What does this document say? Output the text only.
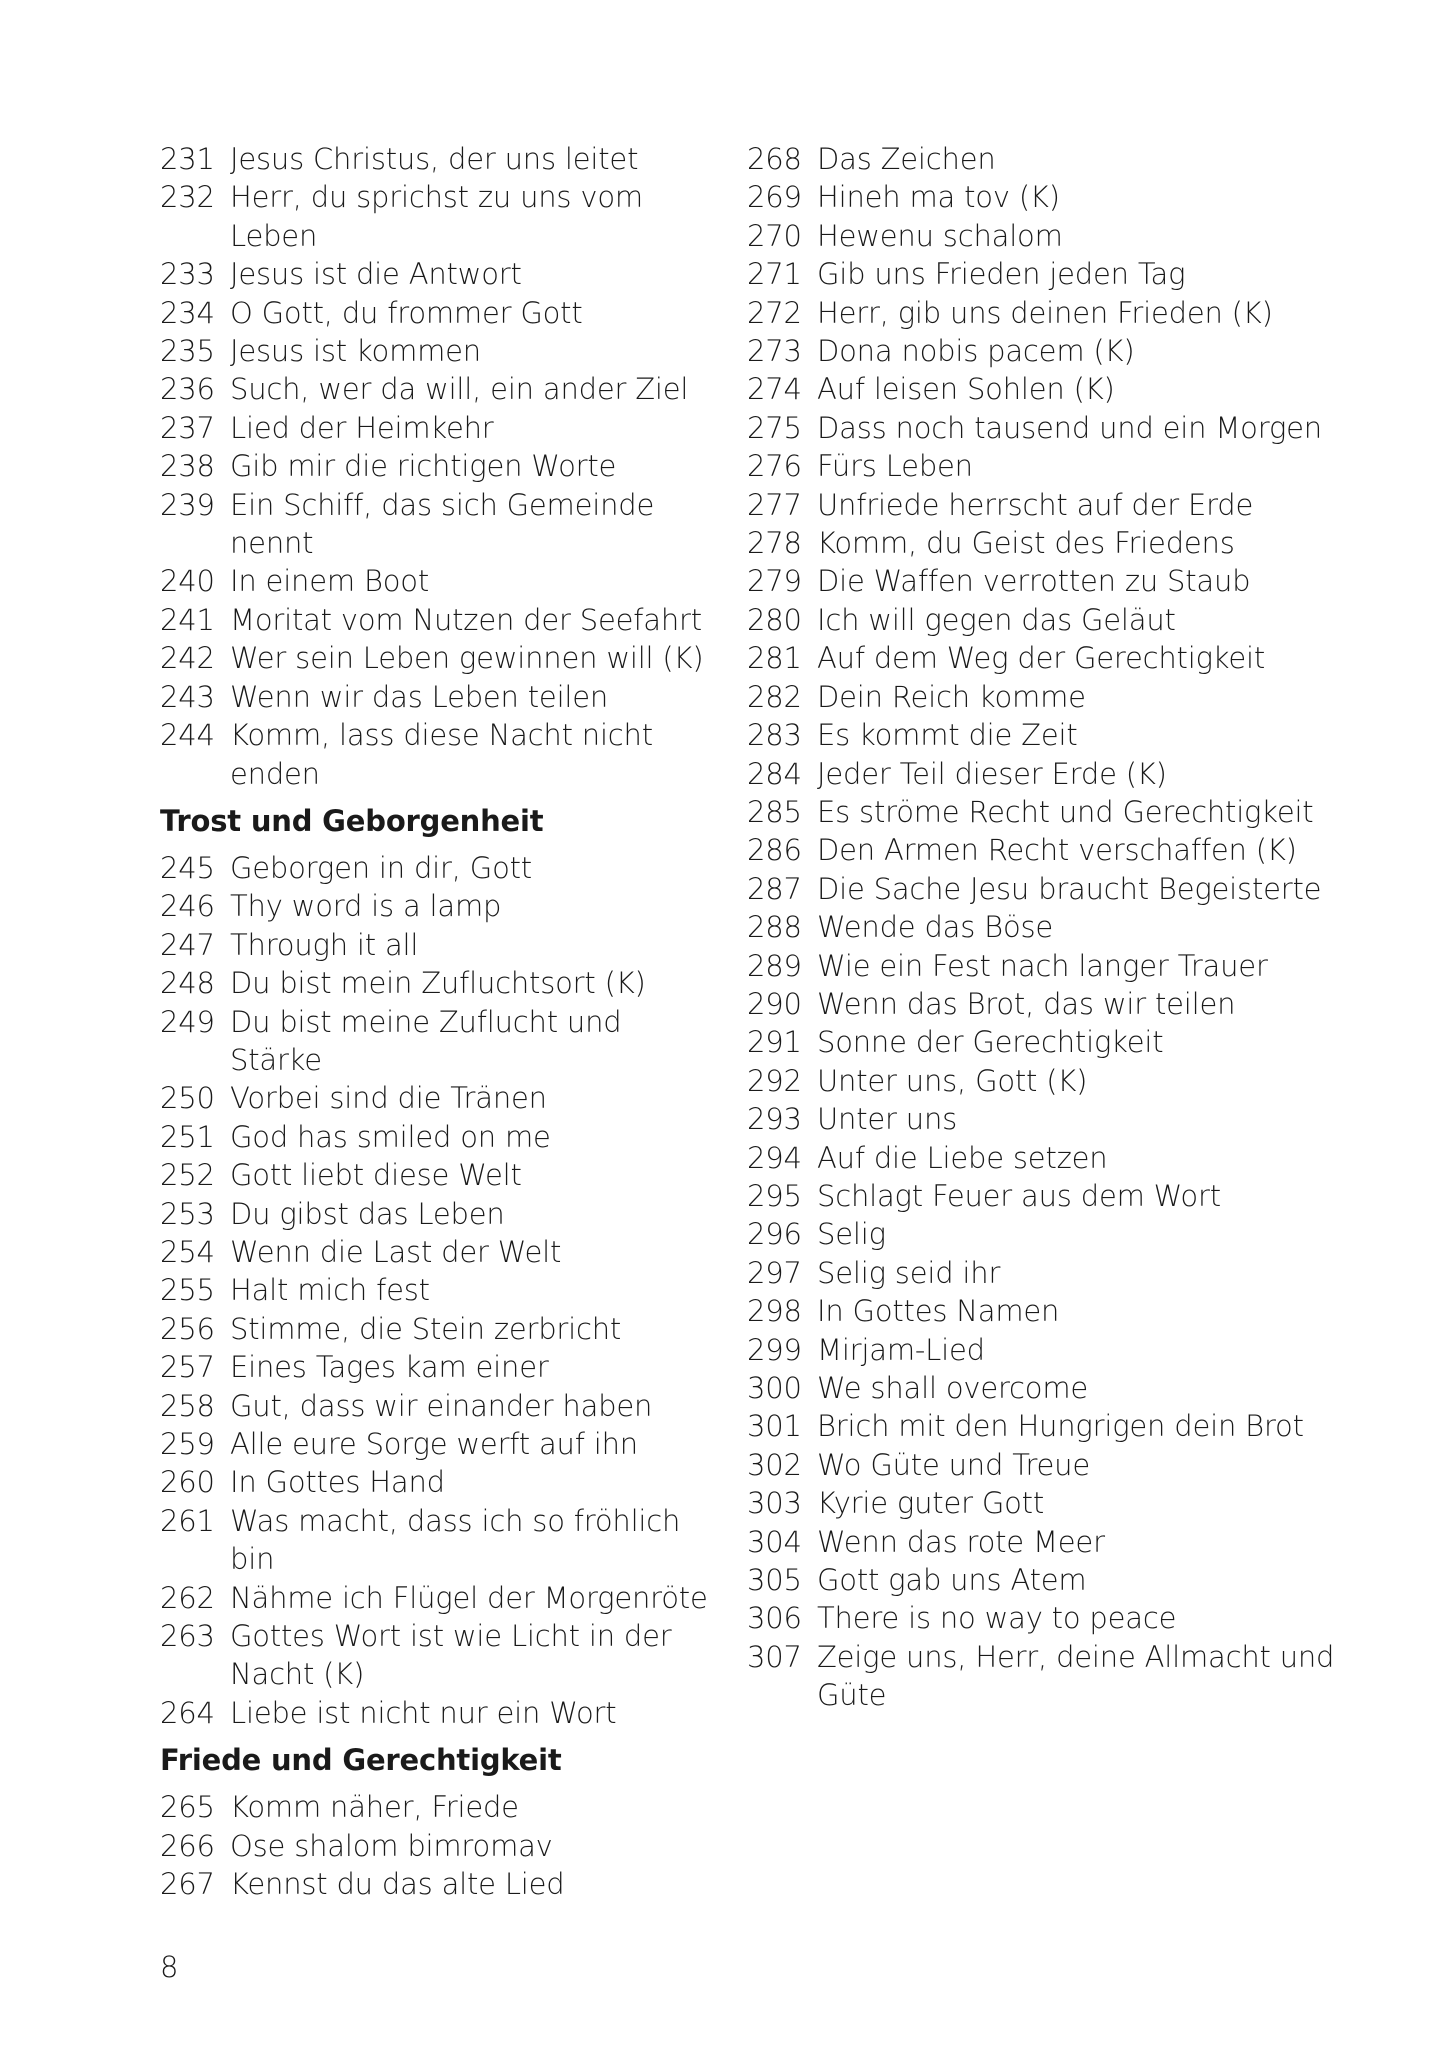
231 Jesus Christus, der uns leitet
232 Herr, du sprichst zu uns vom Leben
233 Jesus ist die Antwort
234 O Gott, du frommer Gott
235 Jesus ist kommen
236 Such, wer da will, ein ander Ziel
237 Lied der Heimkehr
238 Gib mir die richtigen Worte
239 Ein Schiff, das sich Gemeinde nennt
240 In einem Boot
241 Moritat vom Nutzen der Seefahrt
242 Wer sein Leben gewinnen will (K)
243 Wenn wir das Leben teilen
244 Komm, lass diese Nacht nicht enden
Trost und Geborgenheit
245 Geborgen in dir, Gott
246 Thy word is a lamp
247 Through it all
248 Du bist mein Zufluchtsort (K)
249 Du bist meine Zuflucht und Stärke
250 Vorbei sind die Tränen
251 God has smiled on me
252 Gott liebt diese Welt
253 Du gibst das Leben
254 Wenn die Last der Welt
255 Halt mich fest
256 Stimme, die Stein zerbricht
257 Eines Tages kam einer
258 Gut, dass wir einander haben
259 Alle eure Sorge werft auf ihn
260 In Gottes Hand
261 Was macht, dass ich so fröhlich bin
262 Nähme ich Flügel der Morgenröte
263 Gottes Wort ist wie Licht in der Nacht (K)
264 Liebe ist nicht nur ein Wort
Friede und Gerechtigkeit
265 Komm näher, Friede
266 Ose shalom bimromav
267 Kennst du das alte Lied
268 Das Zeichen
269 Hineh ma tov (K)
270 Hewenu schalom
271 Gib uns Frieden jeden Tag
272 Herr, gib uns deinen Frieden (K)
273 Dona nobis pacem (K)
274 Auf leisen Sohlen (K)
275 Dass noch tausend und ein Morgen
276 Fürs Leben
277 Unfriede herrscht auf der Erde
278 Komm, du Geist des Friedens
279 Die Waffen verrotten zu Staub
280 Ich will gegen das Geläut
281 Auf dem Weg der Gerechtigkeit
282 Dein Reich komme
283 Es kommt die Zeit
284 Jeder Teil dieser Erde (K)
285 Es ströme Recht und Gerechtigkeit
286 Den Armen Recht verschaffen (K)
287 Die Sache Jesu braucht Begeisterte
288 Wende das Böse
289 Wie ein Fest nach langer Trauer
290 Wenn das Brot, das wir teilen
291 Sonne der Gerechtigkeit
292 Unter uns, Gott (K)
293 Unter uns
294 Auf die Liebe setzen
295 Schlagt Feuer aus dem Wort
296 Selig
297 Selig seid ihr
298 In Gottes Namen
299 Mirjam-Lied
300 We shall overcome
301 Brich mit den Hungrigen dein Brot
302 Wo Güte und Treue
303 Kyrie guter Gott
304 Wenn das rote Meer
305 Gott gab uns Atem
306 There is no way to peace
307 Zeige uns, Herr, deine Allmacht und Güte
8
